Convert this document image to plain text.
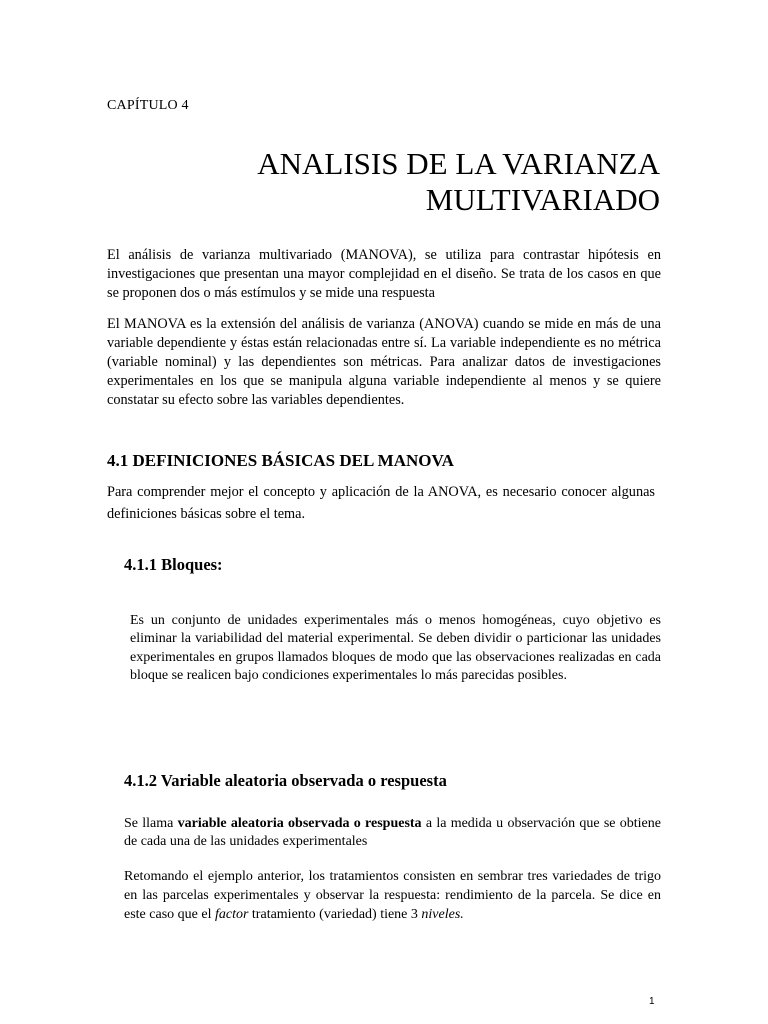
CAPÍTULO 4
ANALISIS DE LA VARIANZA
MULTIVARIADO

El análisis de varianza multivariado (MANOVA), se utiliza para contrastar hipótesis en investigaciones que presentan una mayor complejidad en el diseño. Se trata de los casos en que se proponen dos o más estímulos y se mide una respuesta

El MANOVA es la extensión del análisis de varianza (ANOVA) cuando se mide en más de una variable dependiente y éstas están relacionadas entre sí. La variable independiente es no métrica (variable nominal) y las dependientes son métricas. Para analizar datos de investigaciones experimentales en los que se manipula alguna variable independiente al menos y se quiere constatar su efecto sobre las variables dependientes.

4.1 DEFINICIONES BÁSICAS DEL MANOVA

Para comprender mejor el concepto y aplicación de la ANOVA, es necesario conocer algunas definiciones básicas sobre el tema.

4.1.1 Bloques:

Es un conjunto de unidades experimentales más o menos homogéneas, cuyo objetivo es eliminar la variabilidad del material experimental. Se deben dividir o particionar las unidades experimentales en grupos llamados bloques de modo que las observaciones realizadas en cada bloque se realicen bajo condiciones experimentales lo más parecidas posibles.

4.1.2 Variable aleatoria observada o respuesta

Se llama variable aleatoria observada o respuesta a la medida u observación que se obtiene de cada una de las unidades experimentales

Retomando el ejemplo anterior, los tratamientos consisten en sembrar tres variedades de trigo en las parcelas experimentales y observar la respuesta: rendimiento de la parcela. Se dice en este caso que el factor tratamiento (variedad) tiene 3 niveles.

1
